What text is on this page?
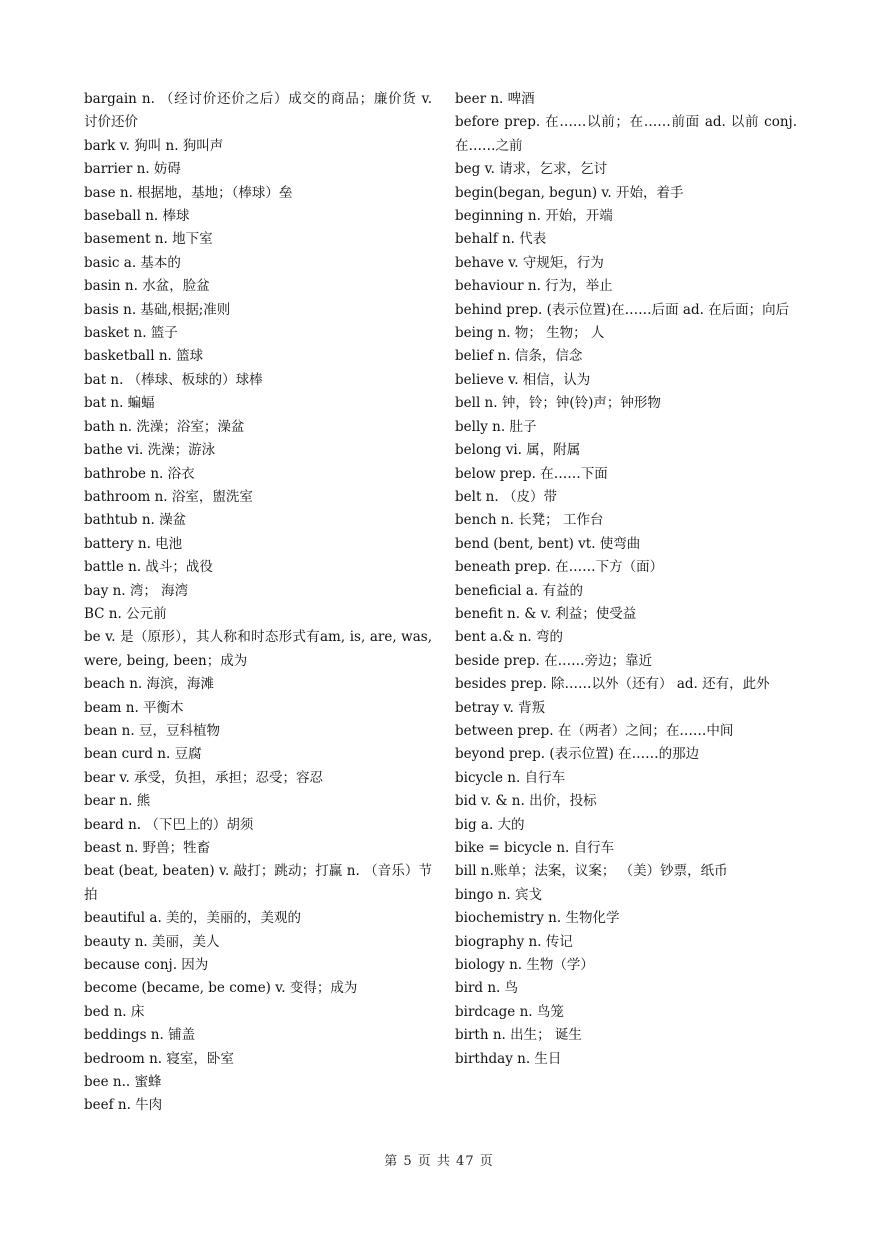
bargain n. （经讨价还价之后）成交的商品；廉价货 v. 讨价还价

bark v. 狗叫 n. 狗叫声

barrier n. 妨碍

base n. 根据地，基地；（棒球）垒

baseball n. 棒球

basement n. 地下室

basic a. 基本的

basin n. 水盆，脸盆

basis n. 基础,根据;准则

basket n. 篮子

basketball n. 篮球

bat n. （棒球、板球的）球棒

bat n. 蝙蝠

bath n. 洗澡；浴室；澡盆

bathe vi. 洗澡；游泳

bathrobe n. 浴衣

bathroom n. 浴室，盥洗室

bathtub n. 澡盆

battery n. 电池

battle n. 战斗；战役

bay n. 湾； 海湾

BC n. 公元前

be v. 是（原形），其人称和时态形式有am, is, are, was, were, being, been；成为

beach n. 海滨，海滩

beam n. 平衡木

bean n. 豆，豆科植物

bean curd n. 豆腐

bear v. 承受，负担，承担；忍受；容忍

bear n. 熊

beard n. （下巴上的）胡须

beast n. 野兽；牲畜

beat (beat, beaten) v. 敲打；跳动；打赢 n. （音乐）节拍

beautiful a. 美的，美丽的，美观的

beauty n. 美丽，美人

because conj. 因为

become (became, be come) v. 变得；成为

bed n. 床

beddings n. 铺盖

bedroom n. 寝室，卧室

bee n.. 蜜蜂

beef n. 牛肉

beer n. 啤酒

before prep. 在……以前；在……前面 ad. 以前 conj. 在……之前

beg v. 请求，乞求，乞讨

begin(began, begun) v. 开始，着手

beginning n. 开始，开端

behalf n. 代表

behave v. 守规矩，行为

behaviour n. 行为，举止

behind prep. (表示位置)在……后面 ad. 在后面；向后

being n. 物； 生物； 人

belief n. 信条，信念

believe v. 相信，认为

bell n. 钟，铃；钟(铃)声；钟形物

belly n. 肚子

belong vi. 属，附属

below prep. 在……下面

belt n. （皮）带

bench n. 长凳； 工作台

bend (bent, bent) vt. 使弯曲

beneath prep. 在……下方（面）

beneficial a. 有益的

benefit n. & v. 利益；使受益

bent a.& n. 弯的

beside prep. 在……旁边；靠近

besides prep. 除……以外（还有） ad. 还有，此外

betray v. 背叛

between prep. 在（两者）之间；在……中间

beyond prep. (表示位置) 在……的那边

bicycle n. 自行车

bid v. & n. 出价，投标

big a. 大的

bike = bicycle n. 自行车

bill n.账单；法案，议案； （美）钞票，纸币

bingo n. 宾戈

biochemistry n. 生物化学

biography n. 传记

biology n. 生物（学）

bird n. 鸟

birdcage n. 鸟笼

birth n. 出生； 诞生

birthday n. 生日

第 5 页 共 47 页
